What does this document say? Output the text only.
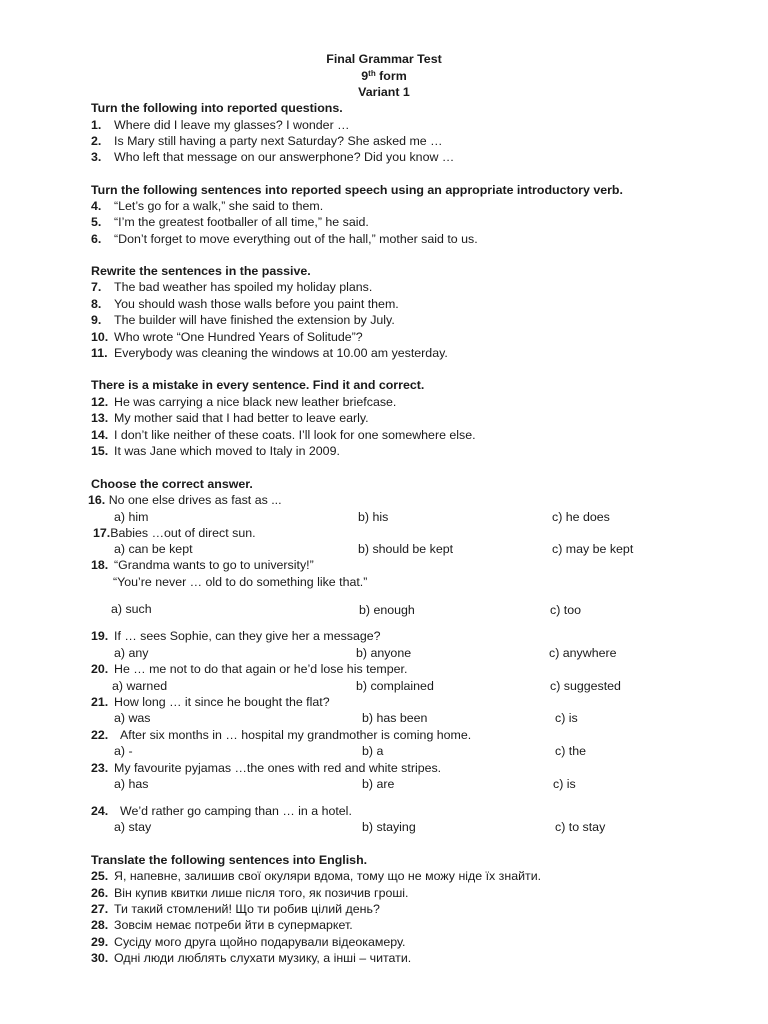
Final Grammar Test
9th form
Variant 1
Turn the following into reported questions.
1. Where did I leave my glasses? I wonder …
2. Is Mary still having a party next Saturday? She asked me …
3. Who left that message on our answerphone? Did you know …
Turn the following sentences into reported speech using an appropriate introductory verb.
4. “Let’s go for a walk,” she said to them.
5. “I’m the greatest footballer of all time,” he said.
6. “Don’t forget to move everything out of the hall,” mother said to us.
Rewrite the sentences in the passive.
7. The bad weather has spoiled my holiday plans.
8. You should wash those walls before you paint them.
9. The builder will have finished the extension by July.
10. Who wrote “One Hundred Years of Solitude”?
11. Everybody was cleaning the windows at 10.00 am yesterday.
There is a mistake in every sentence. Find it and correct.
12. He was carrying a nice black new leather briefcase.
13. My mother said that I had better to leave early.
14. I don’t like neither of these coats. I’ll look for one somewhere else.
15. It was Jane which moved to Italy in 2009.
Choose the correct answer.
16. No one else drives as fast as ...
a) him	b) his	c) he does
17.Babies …out of direct sun.
a) can be kept	b) should be kept	c) may be kept
18. “Grandma wants to go to university!”
“You’re never … old to do something like that.”
a) such	b) enough	c) too
19. If … sees Sophie, can they give her a message?
a) any	b) anyone	c) anywhere
20. He … me not to do that again or he’d lose his temper.
a) warned	b) complained	c) suggested
21. How long … it since he bought the flat?
a) was	b) has been	c) is
22. After six months in … hospital my grandmother is coming home.
a) -	b) a	c) the
23. My favourite pyjamas …the ones with red and white stripes.
a) has	b) are	c) is
24. We’d rather go camping than … in a hotel.
a) stay	b) staying	c) to stay
Translate the following sentences into English.
25. Я, напевне, залишив свої окуляри вдома, тому що не можу ніде їх знайти.
26. Він купив квитки лише після того, як позичив гроші.
27. Ти такий стомлений! Що ти робив цілий день?
28. Зовсім немає потреби йти в супермаркет.
29. Сусіду мого друга щойно подарували відеокамеру.
30. Одні люди люблять слухати музику, а інші – читати.
